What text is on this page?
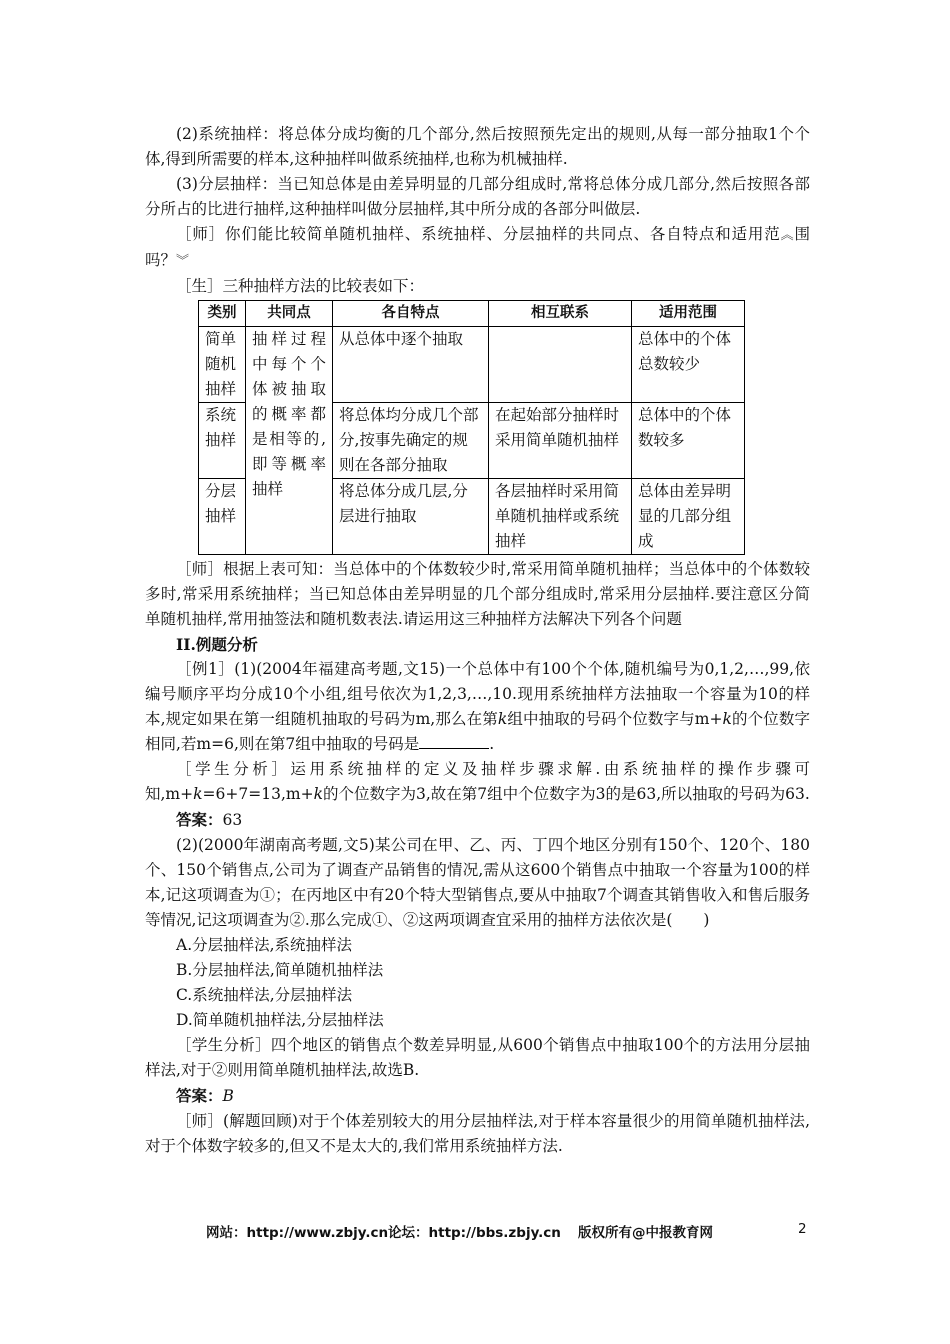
(2)系统抽样：将总体分成均衡的几个部分,然后按照预先定出的规则,从每一部分抽取1个个体,得到所需要的样本,这种抽样叫做系统抽样,也称为机械抽样.

(3)分层抽样：当已知总体是由差异明显的几部分组成时,常将总体分成几部分,然后按照各部分所占的比进行抽样,这种抽样叫做分层抽样,其中所分成的各部分叫做层.

［师］你们能比较简单随机抽样、系统抽样、分层抽样的共同点、各自特点和适用范︽围吗？︾

［生］三种抽样方法的比较表如下：

类别	共同点	各自特点	相互联系	适用范围
简单随机抽样	抽样过程中每个个体被抽取的概率都是相等的,即等概率抽样	从总体中逐个抽取		总体中的个体总数较少
系统抽样		将总体均分成几个部分,按事先确定的规则在各部分抽取	在起始部分抽样时采用简单随机抽样	总体中的个体数较多
分层抽样		将总体分成几层,分层进行抽取	各层抽样时采用简单随机抽样或系统抽样	总体由差异明显的几部分组成

［师］根据上表可知：当总体中的个体数较少时,常采用简单随机抽样；当总体中的个体数较多时,常采用系统抽样；当已知总体由差异明显的几个部分组成时,常采用分层抽样.要注意区分简单随机抽样,常用抽签法和随机数表法.请运用这三种抽样方法解决下列各个问题

II.例题分析

［例1］(1)(2004年福建高考题,文15)一个总体中有100个个体,随机编号为0,1,2,…,99,依编号顺序平均分成10个小组,组号依次为1,2,3,…,10.现用系统抽样方法抽取一个容量为10的样本,规定如果在第一组随机抽取的号码为m,那么在第k组中抽取的号码个位数字与m+k的个位数字相同,若m=6,则在第7组中抽取的号码是	.

［学生分析］运用系统抽样的定义及抽样步骤求解.由系统抽样的操作步骤可知,m+k=6+7=13,m+k的个位数字为3,故在第7组中个位数字为3的是63,所以抽取的号码为63.

答案：63

(2)(2000年湖南高考题,文5)某公司在甲、乙、丙、丁四个地区分别有150个、120个、180个、150个销售点,公司为了调查产品销售的情况,需从这600个销售点中抽取一个容量为100的样本,记这项调查为①；在丙地区中有20个特大型销售点,要从中抽取7个调查其销售收入和售后服务等情况,记这项调查为②.那么完成①、②这两项调查宜采用的抽样方法依次是(　　)

A.分层抽样法,系统抽样法

B.分层抽样法,简单随机抽样法

C.系统抽样法,分层抽样法

D.简单随机抽样法,分层抽样法

［学生分析］四个地区的销售点个数差异明显,从600个销售点中抽取100个的方法用分层抽样法,对于②则用简单随机抽样法,故选B.

答案：B

［师］(解题回顾)对于个体差别较大的用分层抽样法,对于样本容量很少的用简单随机抽样法,对于个体数字较多的,但又不是太大的,我们常用系统抽样方法.

网站：http://www.zbjy.cn 论坛：http://bbs.zbjy.cn 版权所有@中报教育网	2
